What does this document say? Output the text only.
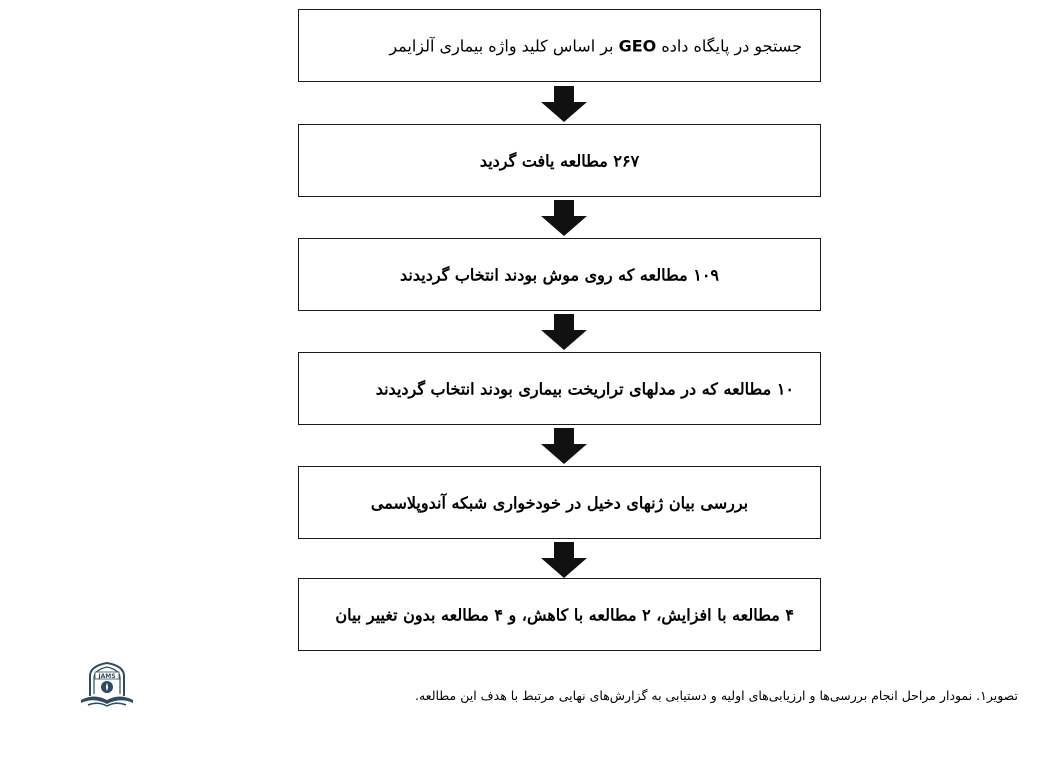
جستجو در پایگاه داده GEO بر اساس کلید واژه بیماری آلزایمر
۲۶۷ مطالعه یافت گردید
۱۰۹ مطالعه که روی موش بودند انتخاب گردیدند
۱۰ مطالعه که در مدلهای تراریخت بیماری بودند انتخاب گردیدند
بررسی بیان ژنهای دخیل در خودخواری شبکه آندوپلاسمی
۴ مطالعه با افزایش، ۲ مطالعه با کاهش، و ۴ مطالعه بدون تغییر بیان
JAMS
تصویر۱. نمودار مراحل انجام بررسی‌ها و ارزیابی‌های اولیه و دستیابی به گزارش‌های نهایی مرتبط با هدف این مطالعه.
